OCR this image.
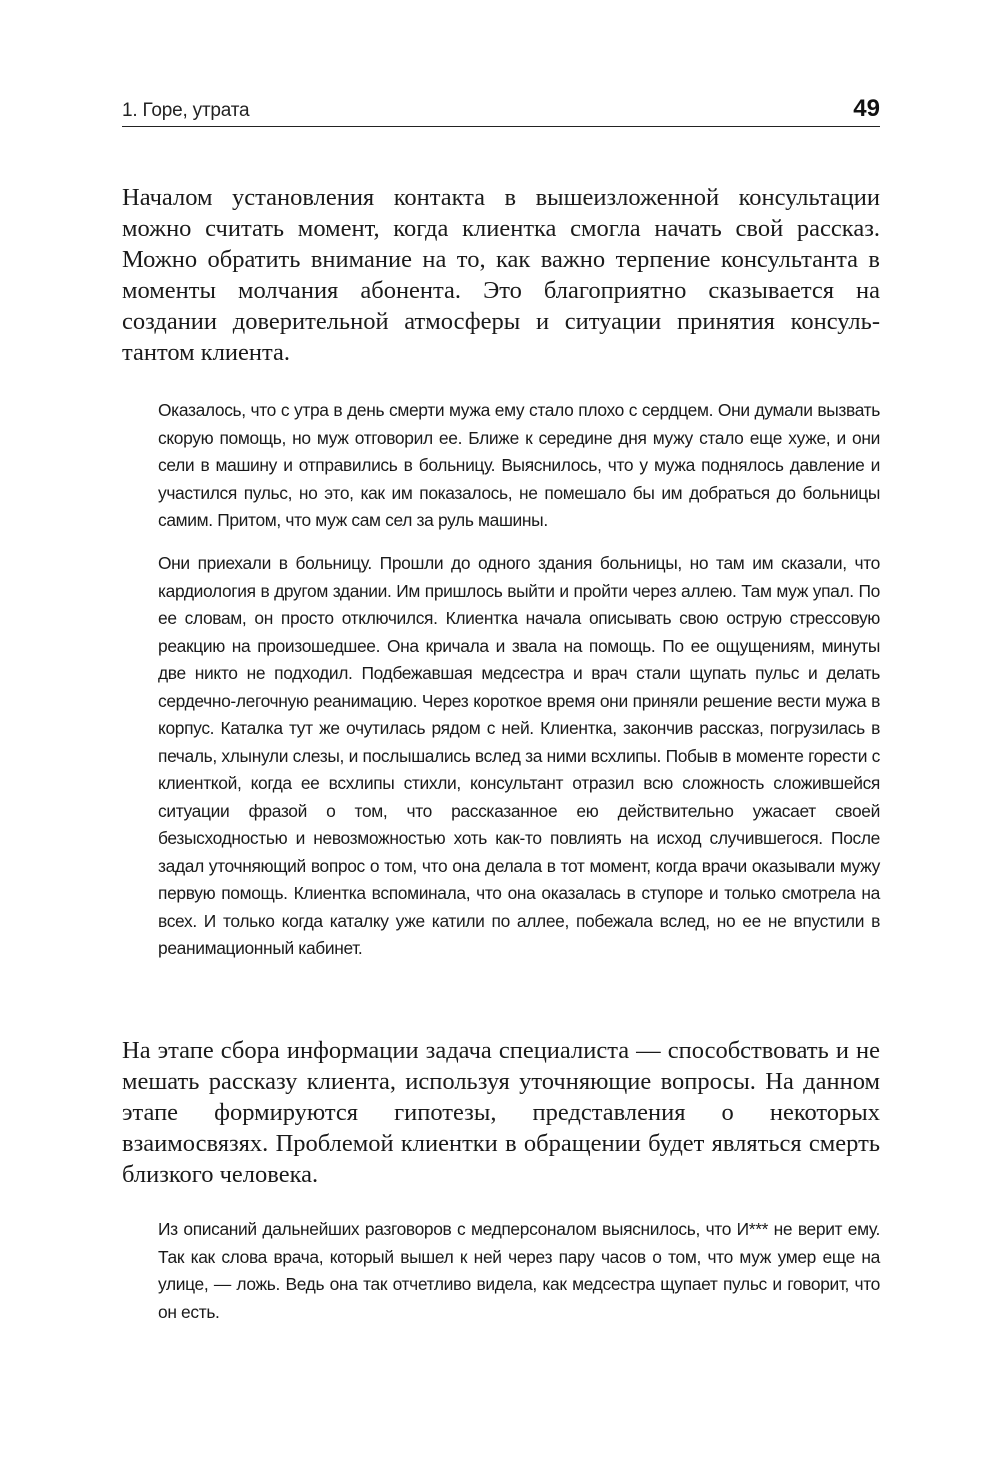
1. Горе, утрата	49

Началом установления контакта в вышеизложенной консультации можно считать момент, когда клиентка смогла начать свой рассказ. Можно обратить внимание на то, как важно терпение консультанта в моменты молчания абонента. Это благоприятно сказывается на создании доверительной атмосферы и ситуации принятия консультантом клиента.

Оказалось, что с утра в день смерти мужа ему стало плохо с сердцем. Они думали вызвать скорую помощь, но муж отговорил ее. Ближе к середине дня мужу стало еще хуже, и они сели в машину и отправились в больницу. Выяснилось, что у мужа поднялось давление и участился пульс, но это, как им показалось, не помешало бы им добраться до больницы самим. Притом, что муж сам сел за руль машины.

Они приехали в больницу. Прошли до одного здания больницы, но там им сказали, что кардиология в другом здании. Им пришлось выйти и пройти через аллею. Там муж упал. По ее словам, он просто отключился. Клиентка начала описывать свою острую стрессовую реакцию на произошедшее. Она кричала и звала на помощь. По ее ощущениям, минуты две никто не подходил. Подбежавшая медсестра и врач стали щупать пульс и делать сердечно-легочную реанимацию. Через короткое время они приняли решение вести мужа в корпус. Каталка тут же очутилась рядом с ней. Клиентка, закончив рассказ, погрузилась в печаль, хлынули слезы, и послышались вслед за ними всхлипы. Побыв в моменте горести с клиенткой, когда ее всхлипы стихли, консультант отразил всю сложность сложившейся ситуации фразой о том, что рассказанное ею действительно ужасает своей безысходностью и невозможностью хоть как-то повлиять на исход случившегося. После задал уточняющий вопрос о том, что она делала в тот момент, когда врачи оказывали мужу первую помощь. Клиентка вспоминала, что она оказалась в ступоре и только смотрела на всех. И только когда каталку уже катили по аллее, побежала вслед, но ее не впустили в реанимационный кабинет.

На этапе сбора информации задача специалиста — способствовать и не мешать рассказу клиента, используя уточняющие вопросы. На данном этапе формируются гипотезы, представления о некоторых взаимосвязях. Проблемой клиентки в обращении будет являться смерть близкого человека.

Из описаний дальнейших разговоров с медперсоналом выяснилось, что И*** не верит ему. Так как слова врача, который вышел к ней через пару часов о том, что муж умер еще на улице, — ложь. Ведь она так отчетливо видела, как медсестра щупает пульс и говорит, что он есть.
